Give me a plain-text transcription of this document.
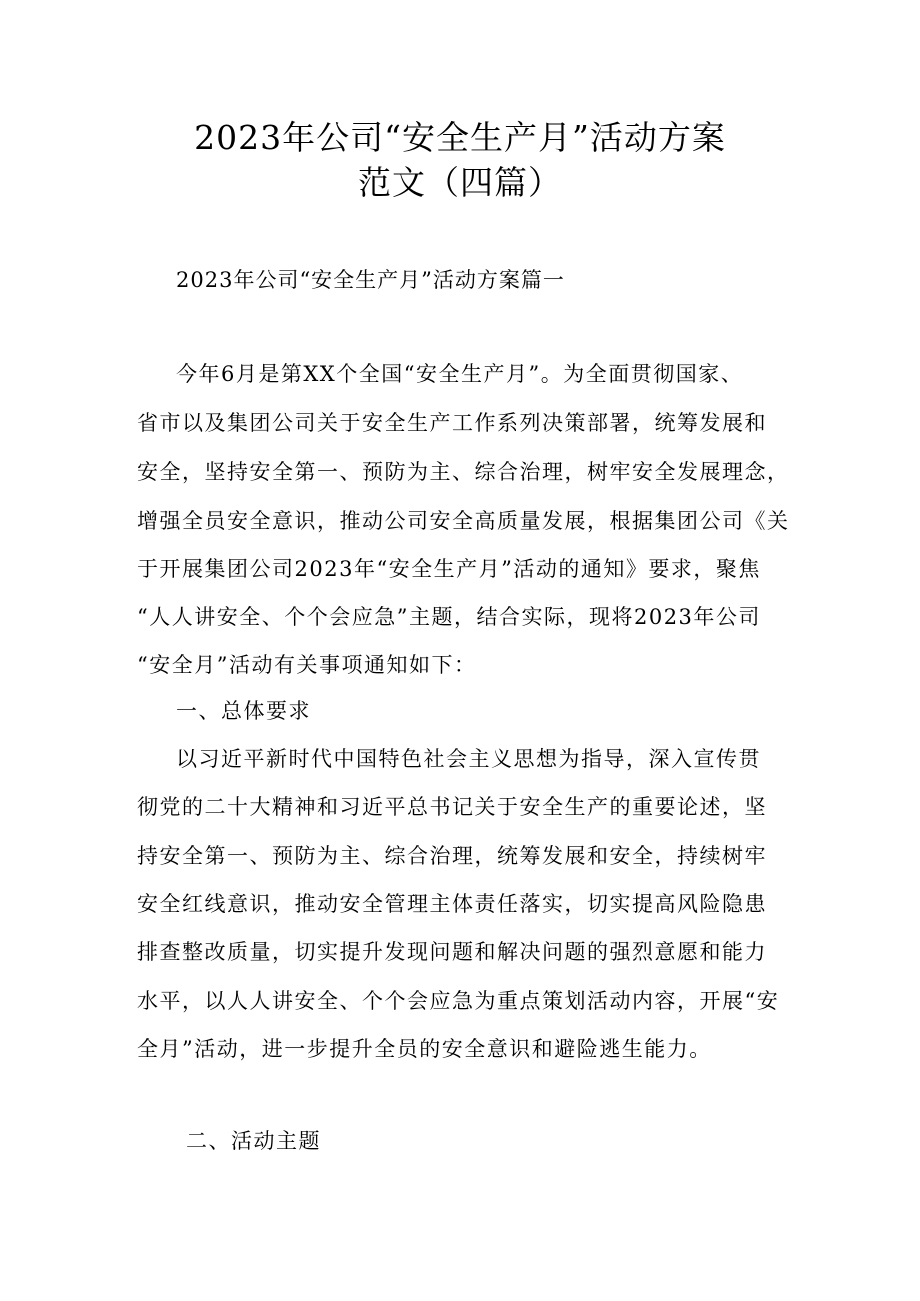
2023年公司“安全生产月”活动方案
范文（四篇）
2023年公司“安全生产月”活动方案篇一
今年6月是第XX个全国“安全生产月”。为全面贯彻国家、
省市以及集团公司关于安全生产工作系列决策部署，统筹发展和
安全，坚持安全第一、预防为主、综合治理，树牢安全发展理念，
增强全员安全意识，推动公司安全高质量发展，根据集团公司《关
于开展集团公司2023年“安全生产月”活动的通知》要求，聚焦
“人人讲安全、个个会应急”主题，结合实际，现将2023年公司
“安全月”活动有关事项通知如下：
一、总体要求
以习近平新时代中国特色社会主义思想为指导，深入宣传贯
彻党的二十大精神和习近平总书记关于安全生产的重要论述，坚
持安全第一、预防为主、综合治理，统筹发展和安全，持续树牢
安全红线意识，推动安全管理主体责任落实，切实提高风险隐患
排查整改质量，切实提升发现问题和解决问题的强烈意愿和能力
水平，以人人讲安全、个个会应急为重点策划活动内容，开展“安
全月”活动，进一步提升全员的安全意识和避险逃生能力。
二、活动主题
